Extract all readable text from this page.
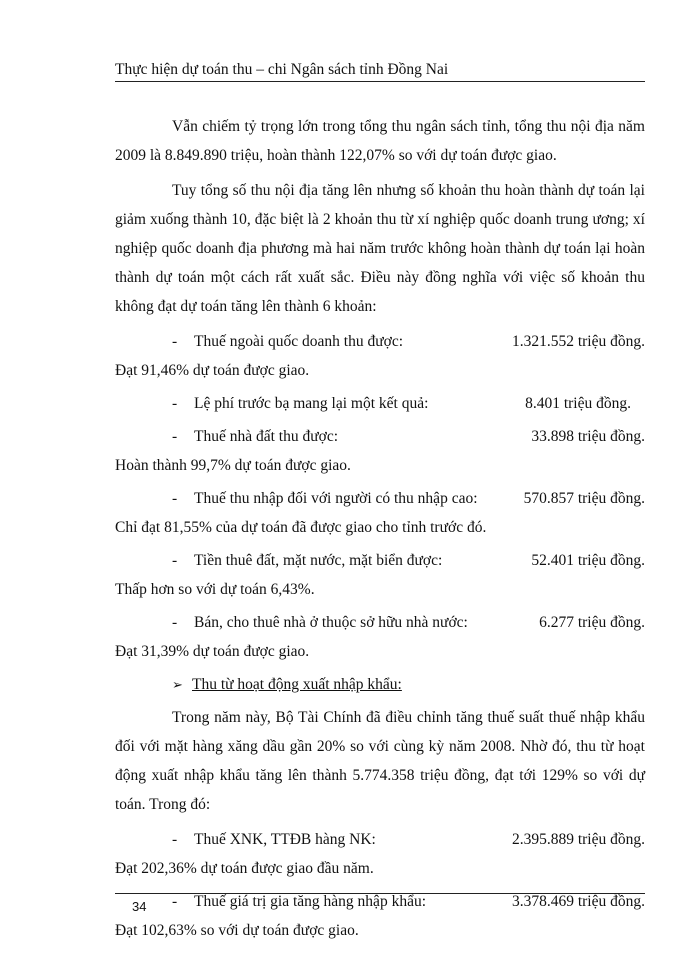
Thực hiện dự toán thu – chi Ngân sách tỉnh Đồng Nai

Vẫn chiếm tỷ trọng lớn trong tổng thu ngân sách tỉnh, tổng thu nội địa năm 2009 là 8.849.890 triệu, hoàn thành 122,07% so với dự toán được giao.

Tuy tổng số thu nội địa tăng lên nhưng số khoản thu hoàn thành dự toán lại giảm xuống thành 10, đặc biệt là 2 khoản thu từ xí nghiệp quốc doanh trung ương; xí nghiệp quốc doanh địa phương mà hai năm trước không hoàn thành dự toán lại hoàn thành dự toán một cách rất xuất sắc. Điều này đồng nghĩa với việc số khoản thu không đạt dự toán tăng lên thành 6 khoản:

-	Thuế ngoài quốc doanh thu được:	1.321.552 triệu đồng.
Đạt 91,46% dự toán được giao.
-	Lệ phí trước bạ mang lại một kết quả:	8.401 triệu đồng.
-	Thuế nhà đất thu được:	33.898 triệu đồng.
Hoàn thành 99,7% dự toán được giao.
-	Thuế thu nhập đối với người có thu nhập cao:	570.857 triệu đồng.
Chỉ đạt 81,55% của dự toán đã được giao cho tỉnh trước đó.
-	Tiền thuê đất, mặt nước, mặt biển được:	52.401 triệu đồng.
Thấp hơn so với dự toán 6,43%.
-	Bán, cho thuê nhà ở thuộc sở hữu nhà nước:	6.277 triệu đồng.
Đạt 31,39% dự toán được giao.
➢ Thu từ hoạt động xuất nhập khẩu:

Trong năm này, Bộ Tài Chính đã điều chỉnh tăng thuế suất thuế nhập khẩu đối với mặt hàng xăng dầu gần 20% so với cùng kỳ năm 2008. Nhờ đó, thu từ hoạt động xuất nhập khẩu tăng lên thành 5.774.358 triệu đồng, đạt tới 129% so với dự toán. Trong đó:

-	Thuế XNK, TTĐB hàng NK:	2.395.889 triệu đồng.
Đạt 202,36% dự toán được giao đầu năm.
-	Thuế giá trị gia tăng hàng nhập khẩu:	3.378.469 triệu đồng.
Đạt 102,63% so với dự toán được giao.
34
